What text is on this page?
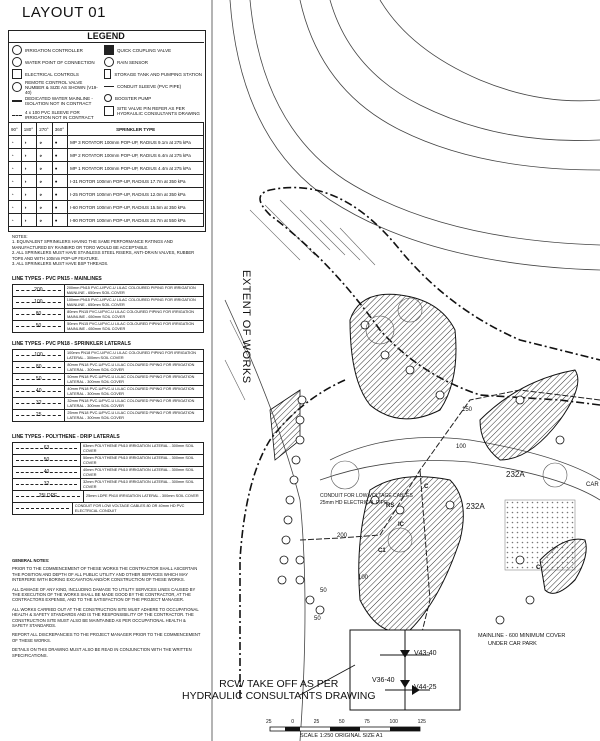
LAYOUT 01
LEGEND
IRRIGATION CONTROLLER
WATER POINT OF CONNECTION
ELECTRICAL CONTROLS
REMOTE CONTROL VALVE NUMBER & SIZE AS SHOWN (V19-40)
DEDICATED WATER MAINLINE - ISOLATION NOT IN CONTRACT
4 x 100 PVC SLEEVE FOR IRRIGATION NOT IN CONTRACT
QUICK COUPLING VALVE
RAIN SENSOR
STORAGE TANK AND PUMPING STATION
CONDUIT SLEEVE (PVC PIPE)
BOOSTER PUMP
SITE VALVE PIN REFER AS PER HYDRAULIC CONSULTANTS DRAWING
90°	180°	270°	360°	SPRINKLER TYPE
◔	◑	◕	●	MP 3 ROTATOR 100mm POP-UP, RADIUS 9.1m at 275 kPa
◔	◑	◕	●	MP 2 ROTATOR 100mm POP-UP, RADIUS 6.4m at 275 kPa
◔	◑	◕	●	MP 1 ROTATOR 100mm POP-UP, RADIUS 4.4m at 275 kPa
◔	◑	◕	●	I-31 ROTOR 100mm POP-UP, RADIUS 17.7m at 350 kPa
◔	◑	◕	●	I-25 ROTOR 100mm POP-UP, RADIUS 12.0m at 350 kPa
◔	◑	◕	●	I-60 ROTOR 100mm POP-UP, RADIUS 15.5m at 350 kPa
◔	◑	◕	●	I-90 ROTOR 100mm POP-UP, RADIUS 24.7m at 550 kPa
NOTES:
1. EQUIVALENT SPRINKLERS HAVING THE SAME PERFORMANCE RATINGS AND MANUFACTURED BY RAINBIRD OR TORO WOULD BE ACCEPTABLE.
2. ALL SPRINKLERS MUST HAVE STAINLESS STEEL RISERS, ANTI-DRAIN VALVES, RUBBER TOPS AND WITH 100mm POP-UP FEATURE.
3. ALL SPRINKLERS MUST HAVE BSP THREADS.
LINE TYPES - PVC PN15 - MAINLINES
200	200mm PN15 PVC-U/PVC-U LILAC COLOURED PIPING FOR IRRIGATION MAINLINE - 650mm SOIL COVER
100	100mm PN15 PVC-U/PVC-U LILAC COLOURED PIPING FOR IRRIGATION MAINLINE - 650mm SOIL COVER
80	80mm PN15 PVC-U/PVC-U LILAC COLOURED PIPING FOR IRRIGATION MAINLINE - 650mm SOIL COVER
50	50mm PN15 PVC-U/PVC-U LILAC COLOURED PIPING FOR IRRIGATION MAINLINE - 650mm SOIL COVER
LINE TYPES - PVC PN18 - SPRINKLER LATERALS
100	100mm PN18 PVC-U/PVC-U LILAC COLOURED PIPING FOR IRRIGATION LATERAL - 300mm SOIL COVER
80	80mm PN18 PVC-U/PVC-U LILAC COLOURED PIPING FOR IRRIGATION LATERAL - 300mm SOIL COVER
50	50mm PN18 PVC-U/PVC-U LILAC COLOURED PIPING FOR IRRIGATION LATERAL - 300mm SOIL COVER
40	40mm PN18 PVC-U/PVC-U LILAC COLOURED PIPING FOR IRRIGATION LATERAL - 300mm SOIL COVER
32	32mm PN18 PVC-U/PVC-U LILAC COLOURED PIPING FOR IRRIGATION LATERAL - 300mm SOIL COVER
25	25mm PN18 PVC-U/PVC-U LILAC COLOURED PIPING FOR IRRIGATION LATERAL - 300mm SOIL COVER
LINE TYPES - POLYTHENE - DRIP LATERALS
63	63mm POLYTHENE PN10 IRRIGATION LATERAL - 300mm SOIL COVER
50	50mm POLYTHENE PN10 IRRIGATION LATERAL - 300mm SOIL COVER
40	40mm POLYTHENE PN10 IRRIGATION LATERAL - 300mm SOIL COVER
32	32mm POLYTHENE PN10 IRRIGATION LATERAL - 300mm SOIL COVER
25LDPE	25mm LDPE PN10 IRRIGATION LATERAL - 300mm SOIL COVER
CONDUIT FOR LOW VOLTAGE CABLES 80 OR 40mm HD PVC ELECTRICAL CONDUIT
GENERAL NOTES:
PRIOR TO THE COMMENCEMENT OF THESE WORKS THE CONTRACTOR SHALL ASCERTAIN THE POSITION AND DEPTH OF ALL PUBLIC UTILITY AND OTHER SERVICES WHICH MAY INTERFERE WITH BORING EXCAVATION AND/OR CONSTRUCTION OF THESE WORKS.
ALL DAMAGE OF ANY KIND, INCLUDING DAMAGE TO UTILITY SERVICES LINES CAUSED BY THE EXECUTION OF THE WORKS SHALL BE MADE GOOD BY THE CONTRACTOR, AT THE CONTRACTORS EXPENSE, AND TO THE SATISFACTION OF THE PROJECT MANAGER.
ALL WORKS CARRIED OUT AT THE CONSTRUCTION SITE MUST ADHERE TO OCCUPATIONAL HEALTH & SAFETY STANDARDS AND IS THE RESPONSIBILITY OF THE CONTRACTOR. THE CONSTRUCTION SITE MUST ALSO BE MAINTAINED AS PER OCCUPATIONAL HEALTH & SAFETY STANDARDS.
REPORT ALL DISCREPANCIES TO THE PROJECT MANAGER PRIOR TO THE COMMENCEMENT OF THESE WORKS.
DETAILS ON THIS DRAWING MUST ALSO BE READ IN CONJUNCTION WITH THE WRITTEN SPECIFICATIONS.
EXTENT OF WORKS
CONDUIT FOR LOW VOLTAGE CABLES
25mm HD ELECTRICAL PIPE
MAINLINE - 600 MINIMUM COVER
UNDER CAR PARK
150
100
200
50
50
100
RS
IC
C
C1
C
V43-40
V36-40
V44-25
232A
232A
CAR
RCW TAKE OFF AS PER
HYDRAULIC CONSULTANTS DRAWING
25	0	25	50	75	100	125
SCALE 1:250 ORIGINAL SIZE A1
